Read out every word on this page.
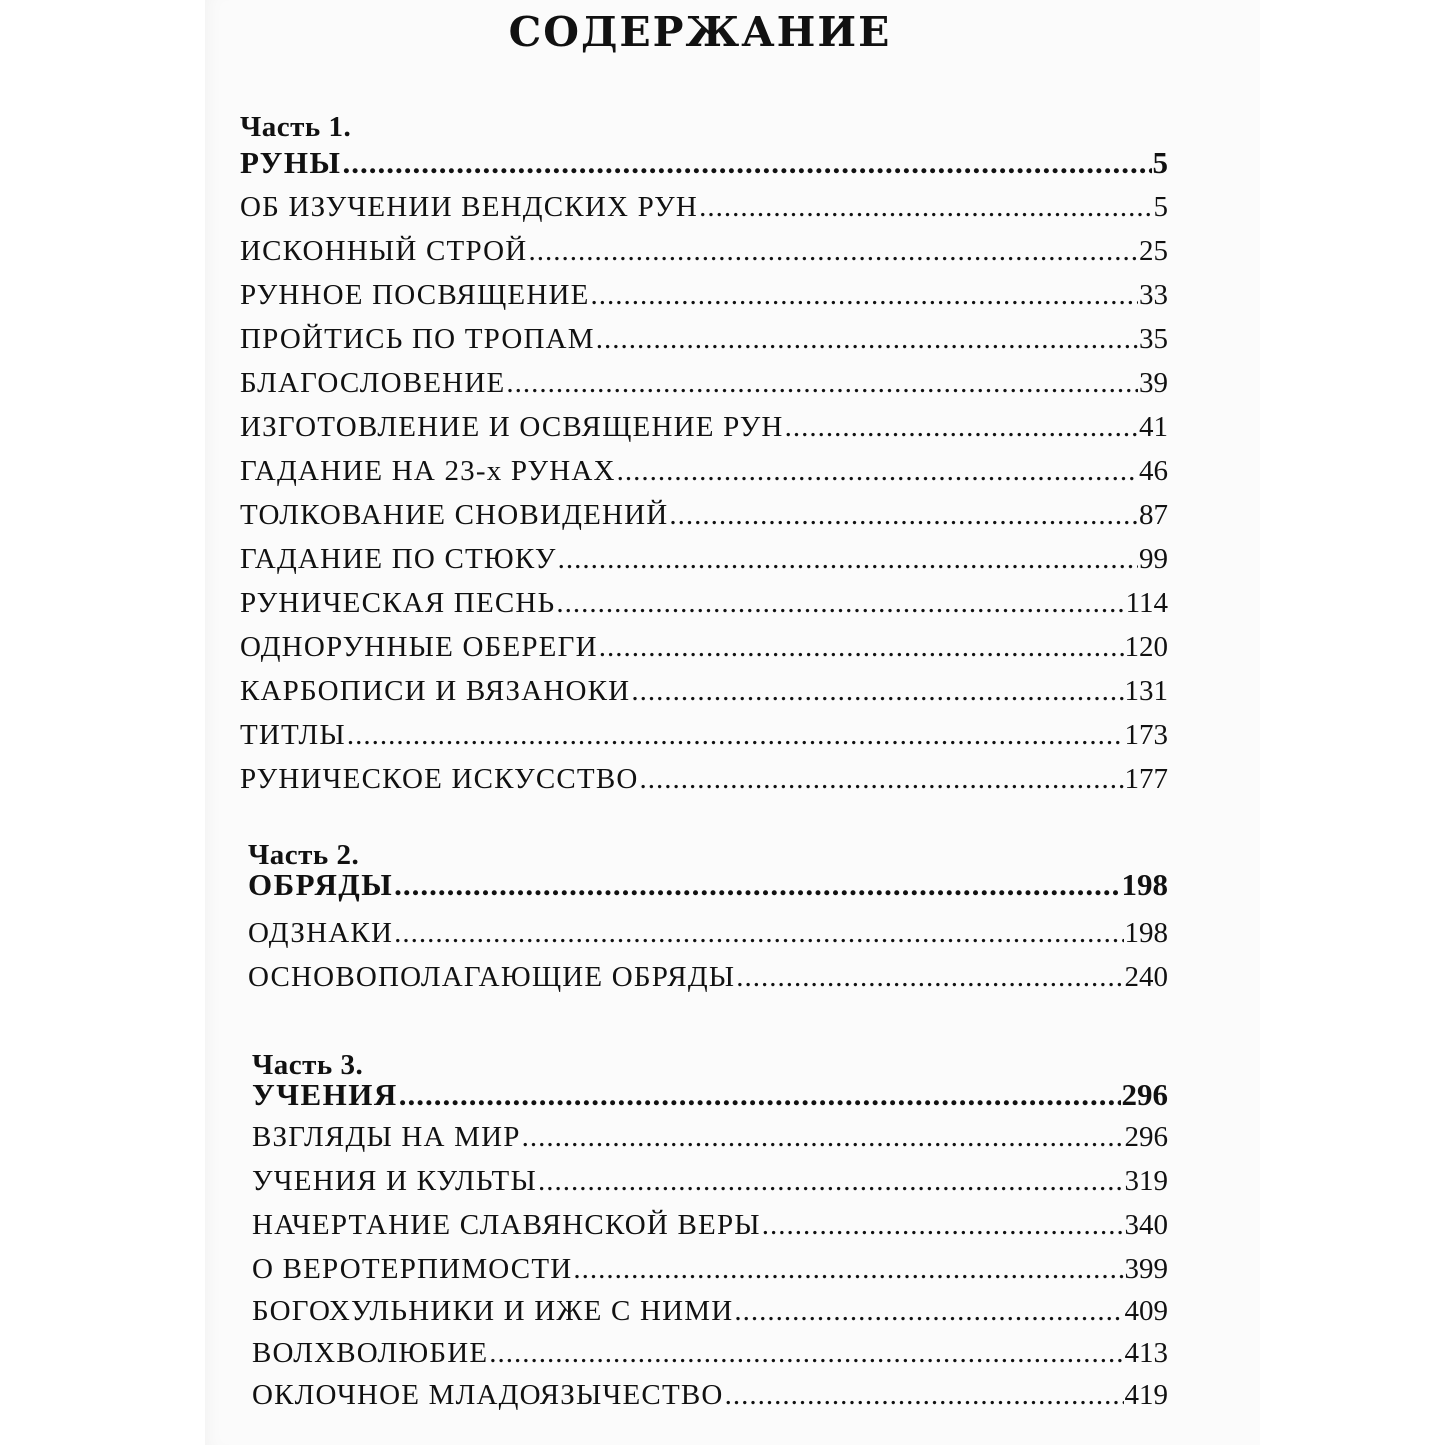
СОДЕРЖАНИЕ
Часть 1.
РУНЫ .....	5
ОБ ИЗУЧЕНИИ ВЕНДСКИХ РУН .....	5
ИСКОННЫЙ СТРОЙ .....	25
РУННОЕ ПОСВЯЩЕНИЕ .....	33
ПРОЙТИСЬ ПО ТРОПАМ .....	35
БЛАГОСЛОВЕНИЕ .....	39
ИЗГОТОВЛЕНИЕ И ОСВЯЩЕНИЕ РУН .....	41
ГАДАНИЕ НА 23-х РУНАХ .....	46
ТОЛКОВАНИЕ СНОВИДЕНИЙ .....	87
ГАДАНИЕ ПО СТЮКУ .....	99
РУНИЧЕСКАЯ ПЕСНЬ .....	114
ОДНОРУННЫЕ ОБЕРЕГИ .....	120
КАРБОПИСИ И ВЯЗАНОКИ .....	131
ТИТЛЫ .....	173
РУНИЧЕСКОЕ ИСКУССТВО .....	177
Часть 2.
ОБРЯДЫ .....	198
ОДЗНАКИ .....	198
ОСНОВОПОЛАГАЮЩИЕ ОБРЯДЫ .....	240
Часть 3.
УЧЕНИЯ .....	296
ВЗГЛЯДЫ НА МИР .....	296
УЧЕНИЯ И КУЛЬТЫ .....	319
НАЧЕРТАНИЕ СЛАВЯНСКОЙ ВЕРЫ .....	340
О ВЕРОТЕРПИМОСТИ .....	399
БОГОХУЛЬНИКИ И ИЖЕ С НИМИ .....	409
ВОЛХВОЛЮБИЕ .....	413
ОКЛОЧНОЕ МЛАДОЯЗЫЧЕСТВО .....	419
